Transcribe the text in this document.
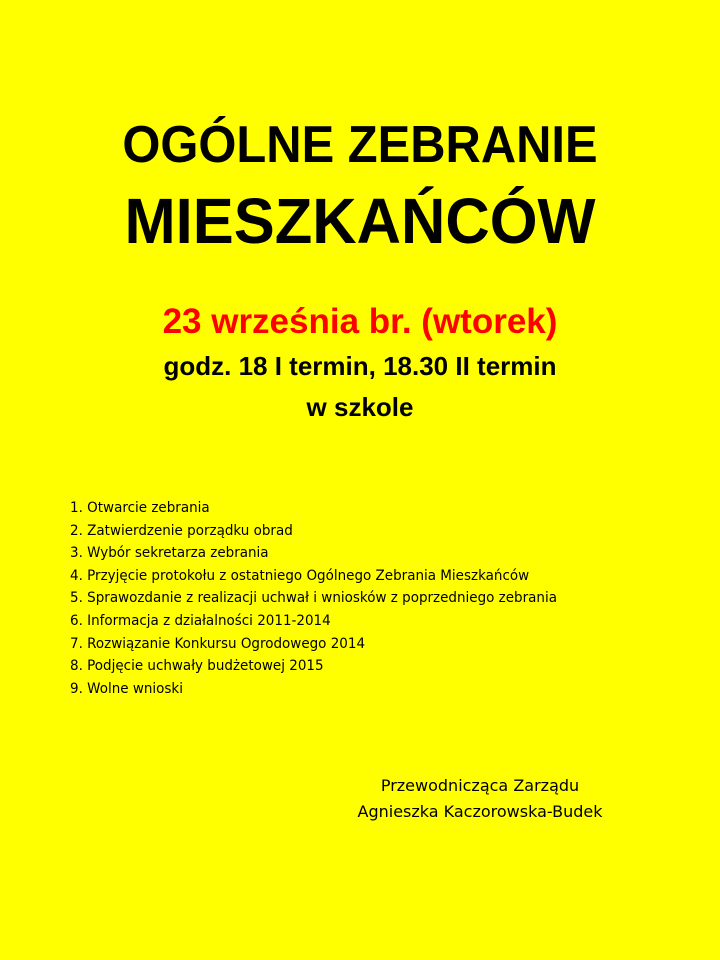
OGÓLNE ZEBRANIE
MIESZKAŃCÓW
23 września br. (wtorek)
godz. 18 I termin, 18.30 II termin
w szkole
1. Otwarcie zebrania
2. Zatwierdzenie porządku obrad
3. Wybór sekretarza zebrania
4. Przyjęcie protokołu z ostatniego Ogólnego Zebrania Mieszkańców
5. Sprawozdanie z realizacji uchwał i wniosków z poprzedniego zebrania
6. Informacja z działalności 2011-2014
7. Rozwiązanie Konkursu Ogrodowego 2014
8. Podjęcie uchwały budżetowej 2015
9. Wolne wnioski
Przewodnicząca Zarządu
Agnieszka Kaczorowska-Budek
